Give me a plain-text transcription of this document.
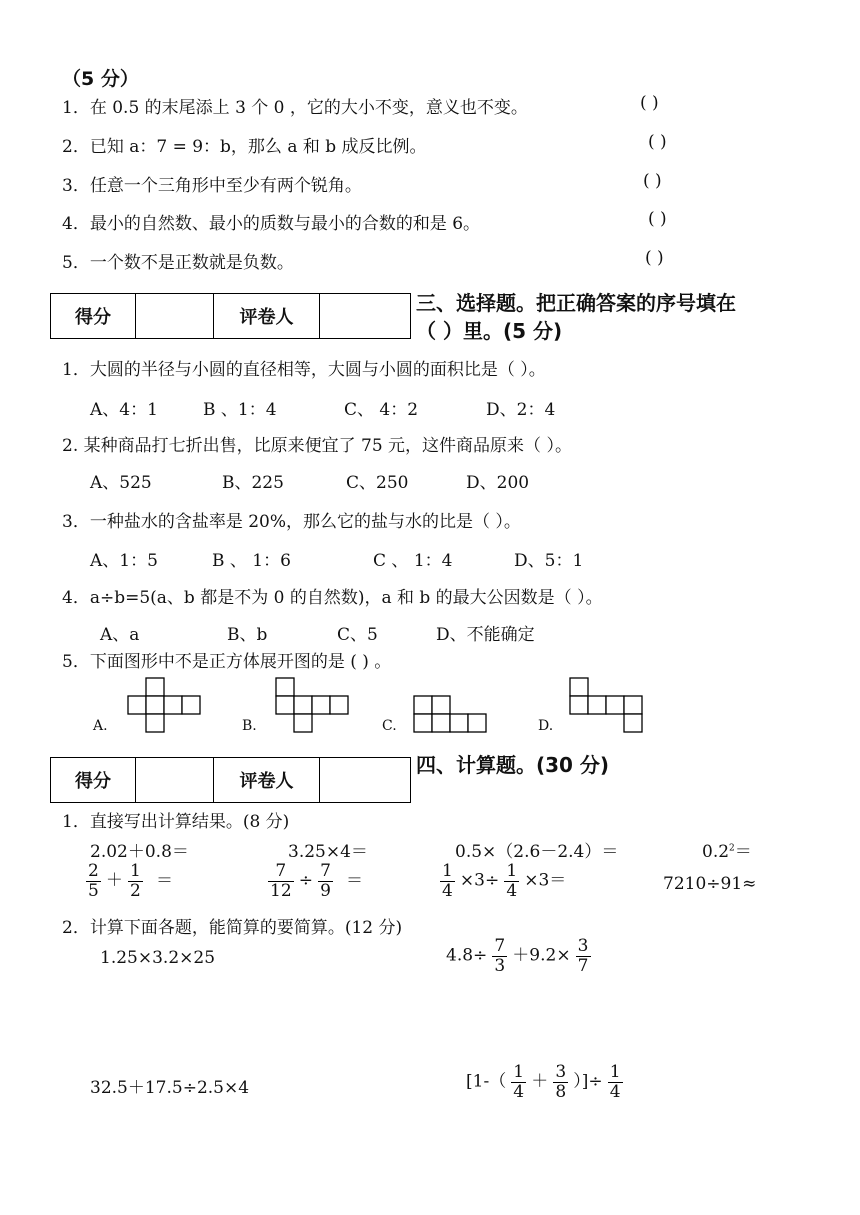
（5 分）
1．在 0.5 的末尾添上 3 个 0 ，它的大小不变，意义也不变。	( )
2．已知 a：7 = 9：b，那么 a 和 b 成反比例。	( )
3．任意一个三角形中至少有两个锐角。	( )
4．最小的自然数、最小的质数与最小的合数的和是 6。	( )
5．一个数不是正数就是负数。	( )
得分		评卷人	
三、选择题。把正确答案的序号填在
（ ）里。(5 分)
1．大圆的半径与小圆的直径相等，大圆与小圆的面积比是（ ）。
A、4：1	B 、1：4	C、 4：2	D、2：4
2. 某种商品打七折出售，比原来便宜了 75 元，这件商品原来（ ）。
A、525	B、225	C、250	D、200
3．一种盐水的含盐率是 20%，那么它的盐与水的比是（ ）。
A、1：5	B 、 1：6	C 、 1：4	D、5：1
4．a÷b=5(a、b 都是不为 0 的自然数)，a 和 b 的最大公因数是（ ）。
A、a	B、b	C、5	D、不能确定
5．下面图形中不是正方体展开图的是 ( ) 。
A.	B.	C.	D.
得分		评卷人	
四、计算题。(30 分)
1．直接写出计算结果。(8 分)
2.02＋0.8＝	3.25×4＝	0.5×（2.6－2.4）＝	$0.2^2=$
$\frac{2}{5} + \frac{1}{2}$ ＝	$\frac{7}{12} \div \frac{7}{9}$ ＝	$\frac{1}{4} \times 3\div \frac{1}{4} \times 3=$	7210÷91≈
2．计算下面各题，能简算的要简算。(12 分)
1.25×3.2×25	$4.8\div \frac{7}{3} +9.2\times \frac{3}{7}$
32.5＋17.5÷2.5×4	[$1-( \frac{1}{4} + \frac{3}{8}$ ）]÷ $\frac{1}{4}$
